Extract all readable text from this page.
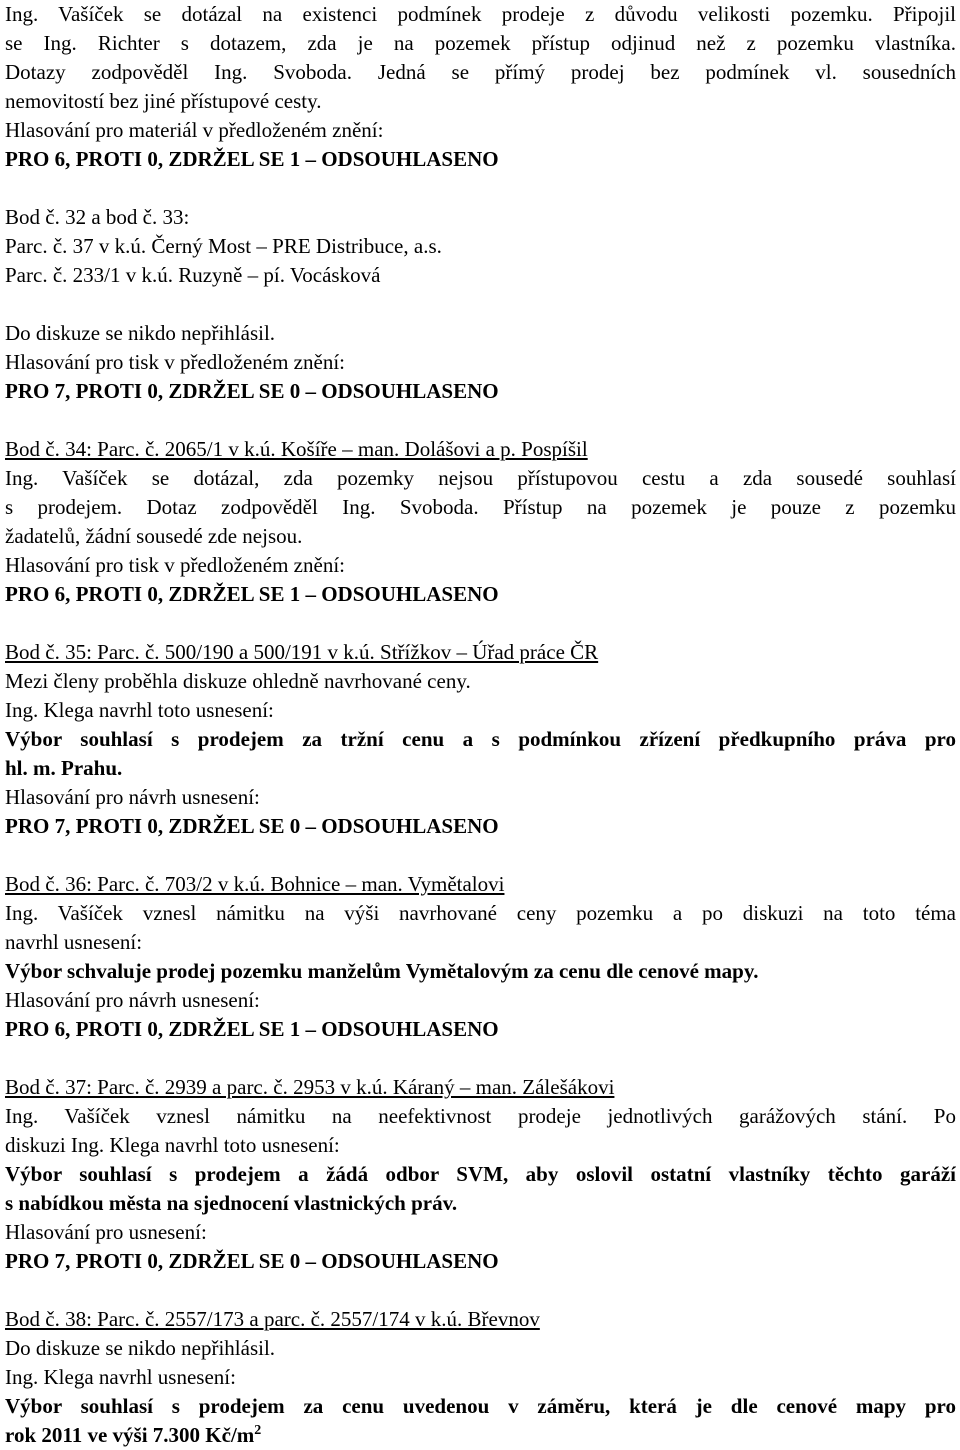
Ing. Vašíček se dotázal na existenci podmínek prodeje z důvodu velikosti pozemku. Připojil
se Ing. Richter s dotazem, zda je na pozemek přístup odjinud než z pozemku vlastníka.
Dotazy zodpověděl Ing. Svoboda. Jedná se přímý prodej bez podmínek vl. sousedních
nemovitostí bez jiné přístupové cesty.
Hlasování pro materiál v předloženém znění:
PRO 6, PROTI 0, ZDRŽEL SE 1 – ODSOUHLASENO
Bod č. 32 a bod č. 33:
Parc. č. 37 v k.ú. Černý Most – PRE Distribuce, a.s.
Parc. č. 233/1 v k.ú. Ruzyně – pí. Vocásková
Do diskuze se nikdo nepřihlásil.
Hlasování pro tisk v předloženém znění:
PRO 7, PROTI 0, ZDRŽEL SE 0 – ODSOUHLASENO
Bod č. 34: Parc. č. 2065/1 v k.ú. Košíře – man. Dolášovi a p. Pospíšil
Ing. Vašíček se dotázal, zda pozemky nejsou přístupovou cestu a zda sousedé souhlasí
s prodejem. Dotaz zodpověděl Ing. Svoboda. Přístup na pozemek je pouze z pozemku
žadatelů, žádní sousedé zde nejsou.
Hlasování pro tisk v předloženém znění:
PRO 6, PROTI 0, ZDRŽEL SE 1 – ODSOUHLASENO
Bod č. 35: Parc. č. 500/190 a 500/191 v k.ú. Střížkov – Úřad práce ČR
Mezi členy proběhla diskuze ohledně navrhované ceny.
Ing. Klega navrhl toto usnesení:
Výbor souhlasí s prodejem za tržní cenu a s podmínkou zřízení předkupního práva pro
hl. m. Prahu.
Hlasování pro návrh usnesení:
PRO 7, PROTI 0, ZDRŽEL SE 0 – ODSOUHLASENO
Bod č. 36: Parc. č. 703/2 v k.ú. Bohnice – man. Vymětalovi
Ing. Vašíček vznesl námitku na výši navrhované ceny pozemku a po diskuzi na toto téma
navrhl usnesení:
Výbor schvaluje prodej pozemku manželům Vymětalovým za cenu dle cenové mapy.
Hlasování pro návrh usnesení:
PRO 6, PROTI 0, ZDRŽEL SE 1 – ODSOUHLASENO
Bod č. 37: Parc. č. 2939 a parc. č. 2953 v k.ú. Káraný – man. Zálešákovi
Ing. Vašíček vznesl námitku na neefektivnost prodeje jednotlivých garážových stání. Po
diskuzi Ing. Klega navrhl toto usnesení:
Výbor souhlasí s prodejem a žádá odbor SVM, aby oslovil ostatní vlastníky těchto garáží
s nabídkou města na sjednocení vlastnických práv.
Hlasování pro usnesení:
PRO 7, PROTI 0, ZDRŽEL SE 0 – ODSOUHLASENO
Bod č. 38: Parc. č. 2557/173 a parc. č. 2557/174 v k.ú. Břevnov
Do diskuze se nikdo nepřihlásil.
Ing. Klega navrhl usnesení:
Výbor souhlasí s prodejem za cenu uvedenou v záměru, která je dle cenové mapy pro
rok 2011 ve výši 7.300 $Kč/m^2$
